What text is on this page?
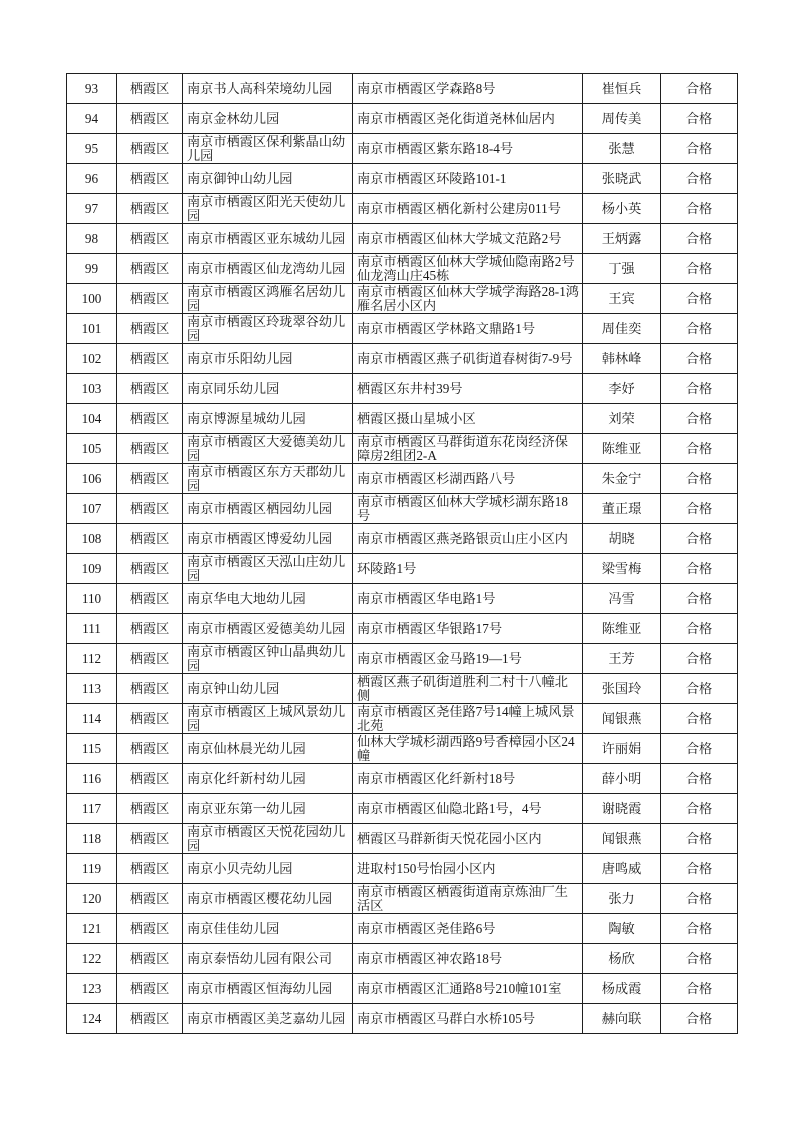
93	栖霞区	南京书人高科荣境幼儿园	南京市栖霞区学森路8号	崔恒兵	合格
94	栖霞区	南京金林幼儿园	南京市栖霞区尧化街道尧林仙居内	周传美	合格
95	栖霞区	南京市栖霞区保利紫晶山幼儿园	南京市栖霞区紫东路18-4号	张慧	合格
96	栖霞区	南京御钟山幼儿园	南京市栖霞区环陵路101-1	张晓武	合格
97	栖霞区	南京市栖霞区阳光天使幼儿园	南京市栖霞区栖化新村公建房011号	杨小英	合格
98	栖霞区	南京市栖霞区亚东城幼儿园	南京市栖霞区仙林大学城文范路2号	王炳露	合格
99	栖霞区	南京市栖霞区仙龙湾幼儿园	南京市栖霞区仙林大学城仙隐南路2号仙龙湾山庄45栋	丁强	合格
100	栖霞区	南京市栖霞区鸿雁名居幼儿园	南京市栖霞区仙林大学城学海路28-1鸿雁名居小区内	王宾	合格
101	栖霞区	南京市栖霞区玲珑翠谷幼儿园	南京市栖霞区学林路文鼎路1号	周佳奕	合格
102	栖霞区	南京市乐阳幼儿园	南京市栖霞区燕子矶街道春树街7-9号	韩林峰	合格
103	栖霞区	南京同乐幼儿园	栖霞区东井村39号	李妤	合格
104	栖霞区	南京博源星城幼儿园	栖霞区摄山星城小区	刘荣	合格
105	栖霞区	南京市栖霞区大爱德美幼儿园	南京市栖霞区马群街道东花岗经济保障房2组团2-A	陈维亚	合格
106	栖霞区	南京市栖霞区东方天郡幼儿园	南京市栖霞区杉湖西路八号	朱金宁	合格
107	栖霞区	南京市栖霞区栖园幼儿园	南京市栖霞区仙林大学城杉湖东路18号	董正璟	合格
108	栖霞区	南京市栖霞区博爱幼儿园	南京市栖霞区燕尧路银贡山庄小区内	胡晓	合格
109	栖霞区	南京市栖霞区天泓山庄幼儿园	环陵路1号	梁雪梅	合格
110	栖霞区	南京华电大地幼儿园	南京市栖霞区华电路1号	冯雪	合格
111	栖霞区	南京市栖霞区爱德美幼儿园	南京市栖霞区华银路17号	陈维亚	合格
112	栖霞区	南京市栖霞区钟山晶典幼儿园	南京市栖霞区金马路19—1号	王芳	合格
113	栖霞区	南京钟山幼儿园	栖霞区燕子矶街道胜利二村十八幢北侧	张国玲	合格
114	栖霞区	南京市栖霞区上城风景幼儿园	南京市栖霞区尧佳路7号14幢上城风景北苑	闻银燕	合格
115	栖霞区	南京仙林晨光幼儿园	仙林大学城杉湖西路9号香樟园小区24幢	许丽娟	合格
116	栖霞区	南京化纤新村幼儿园	南京市栖霞区化纤新村18号	薛小明	合格
117	栖霞区	南京亚东第一幼儿园	南京市栖霞区仙隐北路1号，4号	谢晓霞	合格
118	栖霞区	南京市栖霞区天悦花园幼儿园	栖霞区马群新街天悦花园小区内	闻银燕	合格
119	栖霞区	南京小贝壳幼儿园	进取村150号怡园小区内	唐鸣威	合格
120	栖霞区	南京市栖霞区樱花幼儿园	南京市栖霞区栖霞街道南京炼油厂生活区	张力	合格
121	栖霞区	南京佳佳幼儿园	南京市栖霞区尧佳路6号	陶敏	合格
122	栖霞区	南京泰悟幼儿园有限公司	南京市栖霞区神农路18号	杨欣	合格
123	栖霞区	南京市栖霞区恒海幼儿园	南京市栖霞区汇通路8号210幢101室	杨成霞	合格
124	栖霞区	南京市栖霞区美芝嘉幼儿园	南京市栖霞区马群白水桥105号	赫向联	合格
